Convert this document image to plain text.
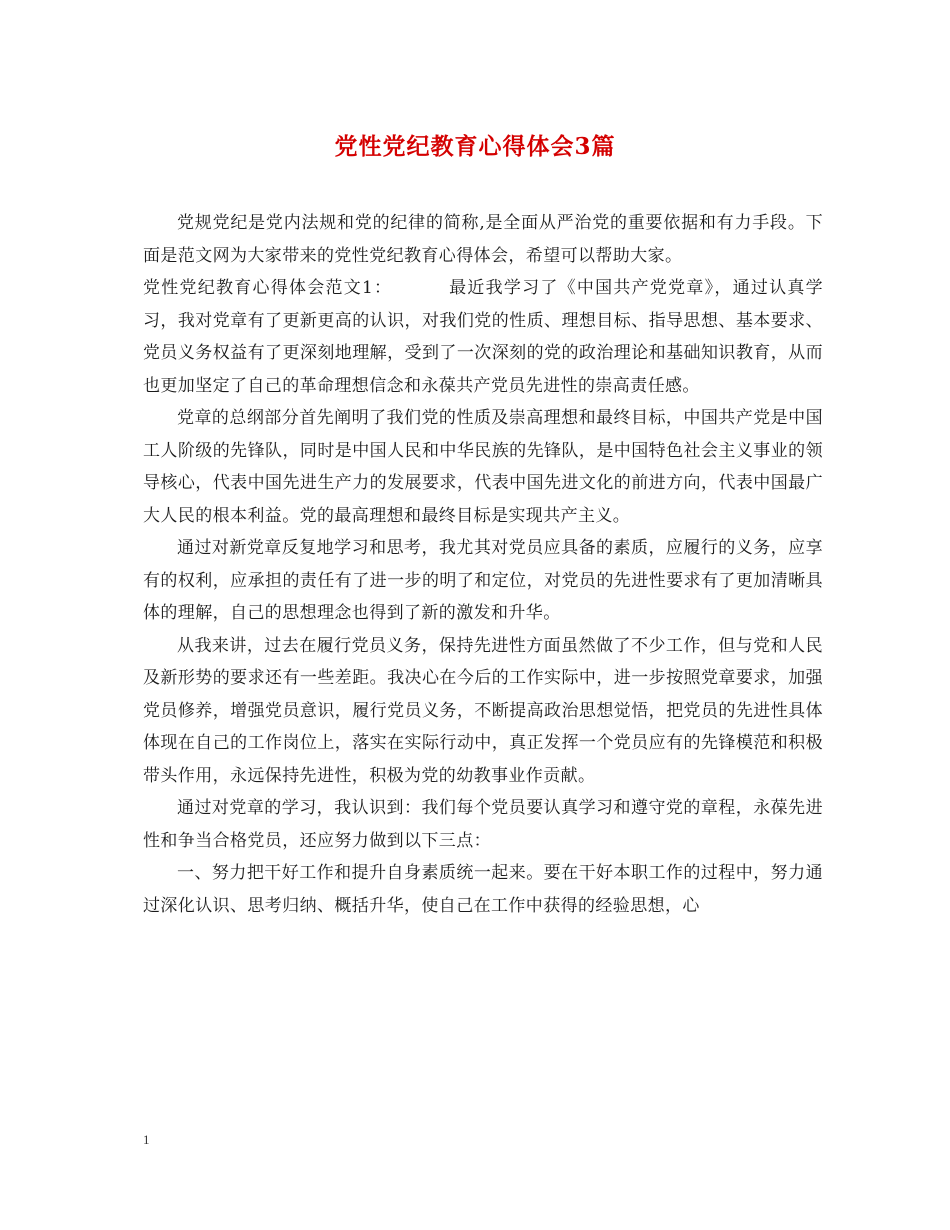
党性党纪教育心得体会3篇

党规党纪是党内法规和党的纪律的简称,是全面从严治党的重要依据和有力手段。下面是范文网为大家带来的党性党纪教育心得体会，希望可以帮助大家。

党性党纪教育心得体会范文1：	最近我学习了《中国共产党党章》，通过认真学习，我对党章有了更新更高的认识，对我们党的性质、理想目标、指导思想、基本要求、党员义务权益有了更深刻地理解，受到了一次深刻的党的政治理论和基础知识教育，从而也更加坚定了自己的革命理想信念和永葆共产党员先进性的崇高责任感。

党章的总纲部分首先阐明了我们党的性质及崇高理想和最终目标，中国共产党是中国工人阶级的先锋队，同时是中国人民和中华民族的先锋队，是中国特色社会主义事业的领导核心，代表中国先进生产力的发展要求，代表中国先进文化的前进方向，代表中国最广大人民的根本利益。党的最高理想和最终目标是实现共产主义。

通过对新党章反复地学习和思考，我尤其对党员应具备的素质，应履行的义务，应享有的权利，应承担的责任有了进一步的明了和定位，对党员的先进性要求有了更加清晰具体的理解，自己的思想理念也得到了新的激发和升华。

从我来讲，过去在履行党员义务，保持先进性方面虽然做了不少工作，但与党和人民及新形势的要求还有一些差距。我决心在今后的工作实际中，进一步按照党章要求，加强党员修养，增强党员意识，履行党员义务，不断提高政治思想觉悟，把党员的先进性具体体现在自己的工作岗位上，落实在实际行动中，真正发挥一个党员应有的先锋模范和积极带头作用，永远保持先进性，积极为党的幼教事业作贡献。

通过对党章的学习，我认识到：我们每个党员要认真学习和遵守党的章程，永葆先进性和争当合格党员，还应努力做到以下三点：

一、努力把干好工作和提升自身素质统一起来。要在干好本职工作的过程中，努力通过深化认识、思考归纳、概括升华，使自己在工作中获得的经验思想，心

1
